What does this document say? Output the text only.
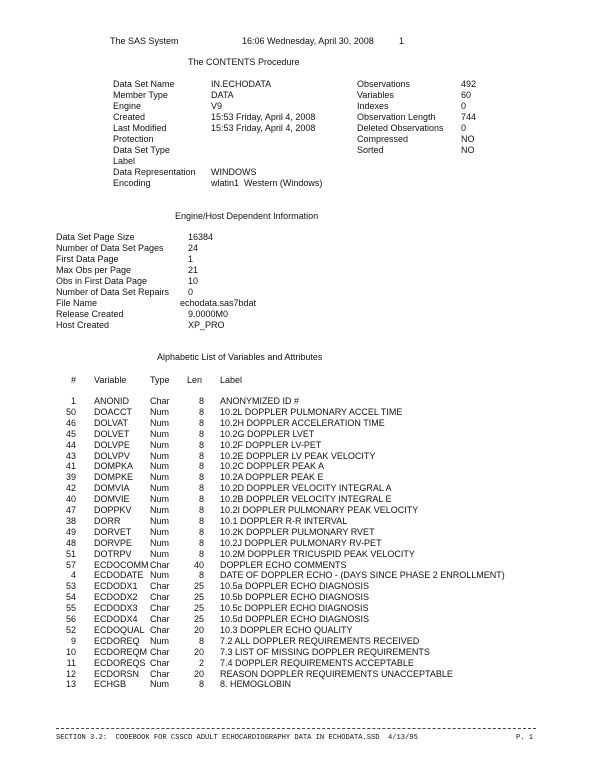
The SAS System	16:06 Wednesday, April 30, 2008	1
The CONTENTS Procedure
Data Set Name	IN.ECHODATA
Member Type	DATA
Engine	V9
Created	15:53 Friday, April 4, 2008
Last Modified	15:53 Friday, April 4, 2008
Protection
Data Set Type
Label
Data Representation WINDOWS
Encoding	wlatin1  Western (Windows)
Observations	492
Variables	60
Indexes	0
Observation Length	744
Deleted Observations 0
Compressed	NO
Sorted	NO
Engine/Host Dependent Information
Data Set Page Size	16384
Number of Data Set Pages	24
First Data Page	1
Max Obs per Page	21
Obs in First Data Page	10
Number of Data Set Repairs 0
File Name	echodata.sas7bdat
Release Created	9.0000M0
Host Created	XP_PRO
Alphabetic List of Variables and Attributes
# Variable	Type Len Label
1 ANONID Char	8 ANONYMIZED ID #
50 DOACCT Num	8 10.2L DOPPLER PULMONARY ACCEL TIME
46 DOLVAT Num	8 10.2H DOPPLER ACCELERATION TIME
45 DOLVET Num	8 10.2G DOPPLER LVET
44 DOLVPE Num	8 10.2F DOPPLER LV-PET
43 DOLVPV Num	8 10.2E DOPPLER LV PEAK VELOCITY
41 DOMPKA Num	8 10.2C DOPPLER PEAK A
39 DOMPKE Num	8 10.2A DOPPLER PEAK E
42 DOMVIA Num	8 10.2D DOPPLER VELOCITY INTEGRAL A
40 DOMVIE Num	8 10.2B DOPPLER VELOCITY INTEGRAL E
47 DOPPKV Num	8 10.2I DOPPLER PULMONARY PEAK VELOCITY
38 DORR	Num	8 10.1 DOPPLER R-R INTERVAL
49 DORVET Num	8 10.2K DOPPLER PULMONARY RVET
48 DORVPE Num	8 10.2J DOPPLER PULMONARY RV-PET
51 DOTRPV Num	8 10.2M DOPPLER TRICUSPID PEAK VELOCITY
57 ECDOCOMM Char	40 DOPPLER ECHO COMMENTS
4 ECDODATE Num	8 DATE OF DOPPLER ECHO - (DAYS SINCE PHASE 2 ENROLLMENT)
53 ECDODX1 Char	25 10.5a DOPPLER ECHO DIAGNOSIS
54 ECDODX2 Char	25 10.5b DOPPLER ECHO DIAGNOSIS
55 ECDODX3 Char	25 10.5c DOPPLER ECHO DIAGNOSIS
56 ECDODX4 Char	25 10.5d DOPPLER ECHO DIAGNOSIS
52 ECDOQUAL Char	20 10.3 DOPPLER ECHO QUALITY
9 ECDOREQ Num	8 7.2 ALL DOPPLER REQUIREMENTS RECEIVED
10 ECDOREQM Char	20 7.3 LIST OF MISSING DOPPLER REQUIREMENTS
11 ECDOREQS Char	2 7.4 DOPPLER REQUIREMENTS ACCEPTABLE
12 ECDORSN Char	20 REASON DOPPLER REQUIREMENTS UNACCEPTABLE
13 ECHGB	Num	8 8. HEMOGLOBIN
SECTION 3.2:  CODEBOOK FOR CSSCD ADULT ECHOCARDIOGRAPHY DATA IN ECHODATA.SSD  4/13/95	P. 1
